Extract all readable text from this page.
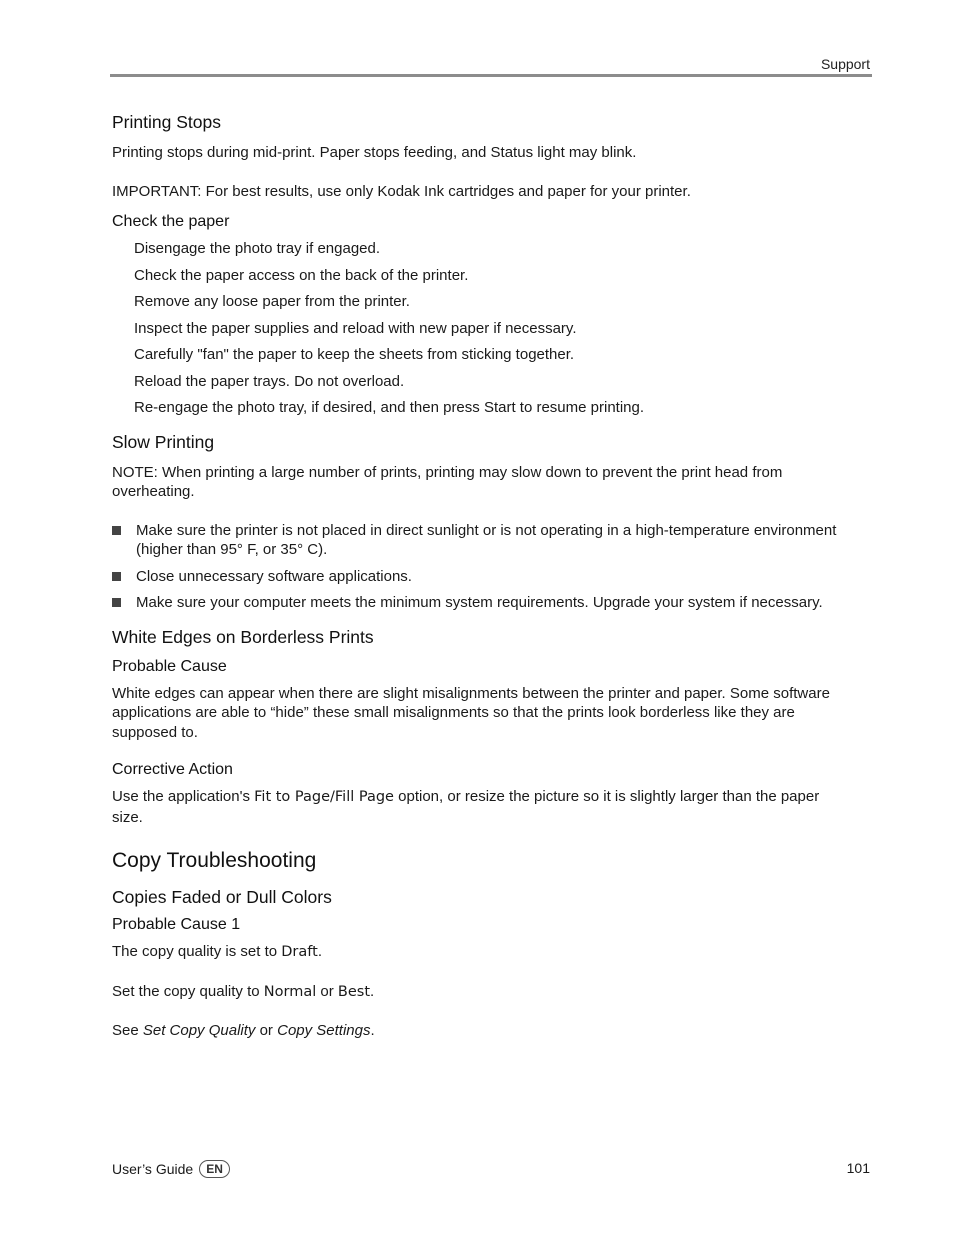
Support
Printing Stops

Printing stops during mid-print. Paper stops feeding, and Status light may blink.

IMPORTANT: For best results, use only Kodak Ink cartridges and paper for your printer.

Check the paper
Disengage the photo tray if engaged.
Check the paper access on the back of the printer.
Remove any loose paper from the printer.
Inspect the paper supplies and reload with new paper if necessary.
Carefully "fan" the paper to keep the sheets from sticking together.
Reload the paper trays. Do not overload.
Re-engage the photo tray, if desired, and then press Start to resume printing.
Slow Printing

NOTE: When printing a large number of prints, printing may slow down to prevent the print head from overheating.

Make sure the printer is not placed in direct sunlight or is not operating in a high-temperature environment (higher than 95° F, or 35° C).
Close unnecessary software applications.
Make sure your computer meets the minimum system requirements. Upgrade your system if necessary.
White Edges on Borderless Prints
Probable Cause

White edges can appear when there are slight misalignments between the printer and paper. Some software applications are able to “hide” these small misalignments so that the prints look borderless like they are supposed to.

Corrective Action

Use the application's Fit to Page/Fill Page option, or resize the picture so it is slightly larger than the paper size.

Copy Troubleshooting
Copies Faded or Dull Colors
Probable Cause 1

The copy quality is set to Draft.

Set the copy quality to Normal or Best.

See Set Copy Quality or Copy Settings.

User’s Guide	EN	101
